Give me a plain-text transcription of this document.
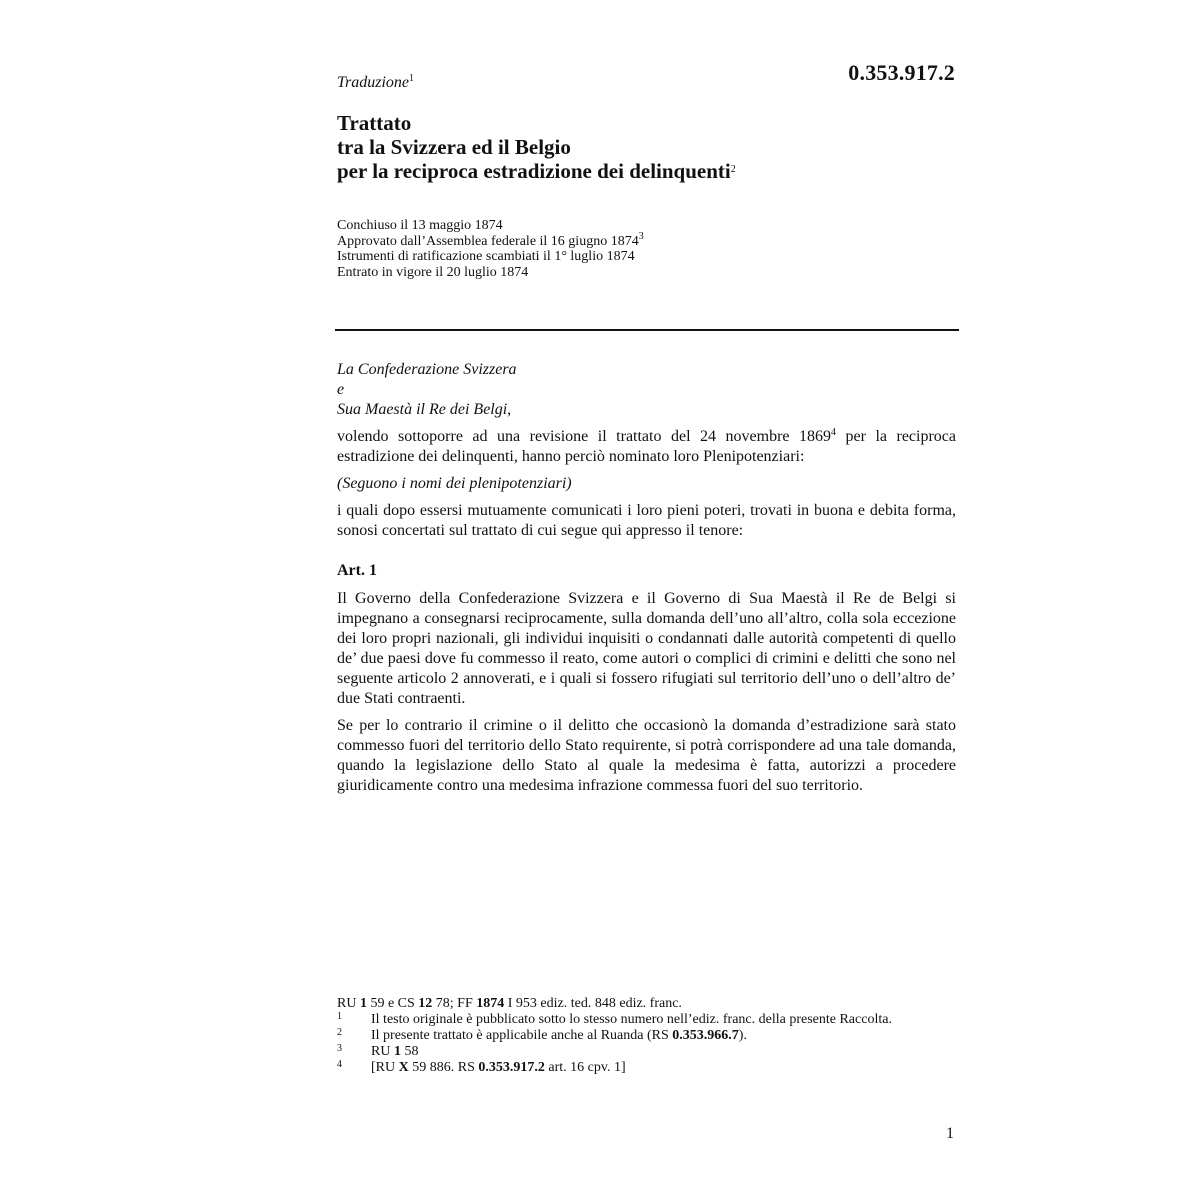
0.353.917.2
Traduzione$^1$
Trattato
tra la Svizzera ed il Belgio
per la reciproca estradizione dei delinquenti$^2$
Conchiuso il 13 maggio 1874
Approvato dall’Assemblea federale il 16 giugno 1874$^3$
Istrumenti di ratificazione scambiati il 1° luglio 1874
Entrato in vigore il 20 luglio 1874
La Confederazione Svizzera
e
Sua Maestà il Re dei Belgi,

volendo sottoporre ad una revisione il trattato del 24 novembre 1869$^4$ per la reciproca estradizione dei delinquenti, hanno perciò nominato loro Plenipotenziari:

(Seguono i nomi dei plenipotenziari)

i quali dopo essersi mutuamente comunicati i loro pieni poteri, trovati in buona e debita forma, sonosi concertati sul trattato di cui segue qui appresso il tenore:

Art. 1

Il Governo della Confederazione Svizzera e il Governo di Sua Maestà il Re de Belgi si impegnano a consegnarsi reciprocamente, sulla domanda dell’uno all’altro, colla sola eccezione dei loro propri nazionali, gli individui inquisiti o condannati dalle autorità competenti di quello de’ due paesi dove fu commesso il reato, come autori o complici di crimini e delitti che sono nel seguente articolo 2 annoverati, e i quali si fossero rifugiati sul territorio dell’uno o dell’altro de’ due Stati contraenti.

Se per lo contrario il crimine o il delitto che occasionò la domanda d’estradizione sarà stato commesso fuori del territorio dello Stato requirente, si potrà corrispondere ad una tale domanda, quando la legislazione dello Stato al quale la medesima è fatta, autorizzi a procedere giuridicamente contro una medesima infrazione commessa fuori del suo territorio.

RU 1 59 e CS 12 78; FF 1874 I 953 ediz. ted. 848 ediz. franc.
1 Il testo originale è pubblicato sotto lo stesso numero nell’ediz. franc. della presente Raccolta.
2 Il presente trattato è applicabile anche al Ruanda (RS 0.353.966.7).
3 RU 1 58
4 [RU X 59 886. RS 0.353.917.2 art. 16 cpv. 1]
1
